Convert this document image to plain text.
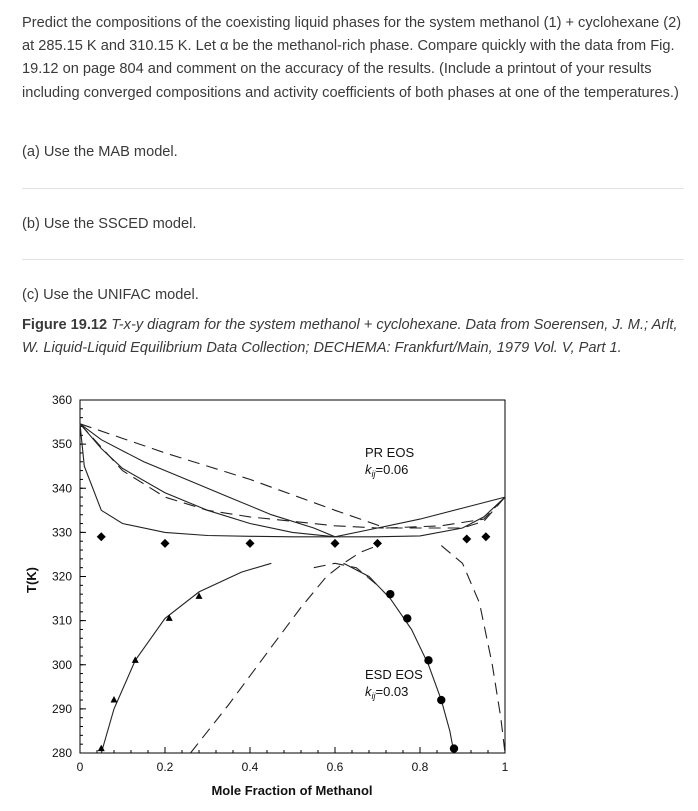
Predict the compositions of the coexisting liquid phases for the system methanol (1) + cyclohexane (2) at 285.15 K and 310.15 K. Let α be the methanol-rich phase. Compare quickly with the data from Fig. 19.12 on page 804 and comment on the accuracy of the results. (Include a printout of your results including converged compositions and activity coefficients of both phases at one of the temperatures.)
(a) Use the MAB model.
(b) Use the SSCED model.
(c) Use the UNIFAC model.
Figure 19.12 T-x-y diagram for the system methanol + cyclohexane. Data from Soerensen, J. M.; Arlt, W. Liquid-Liquid Equilibrium Data Collection; DECHEMA: Frankfurt/Main, 1979 Vol. V, Part 1.
0	0.2	0.4	0.6	0.8	1
280
290
300
310
320
330
340
350
360
T(K)
Mole Fraction of Methanol
PR EOS
$k_{ij}=0.06$
ESD EOS
$k_{ij}=0.03$
